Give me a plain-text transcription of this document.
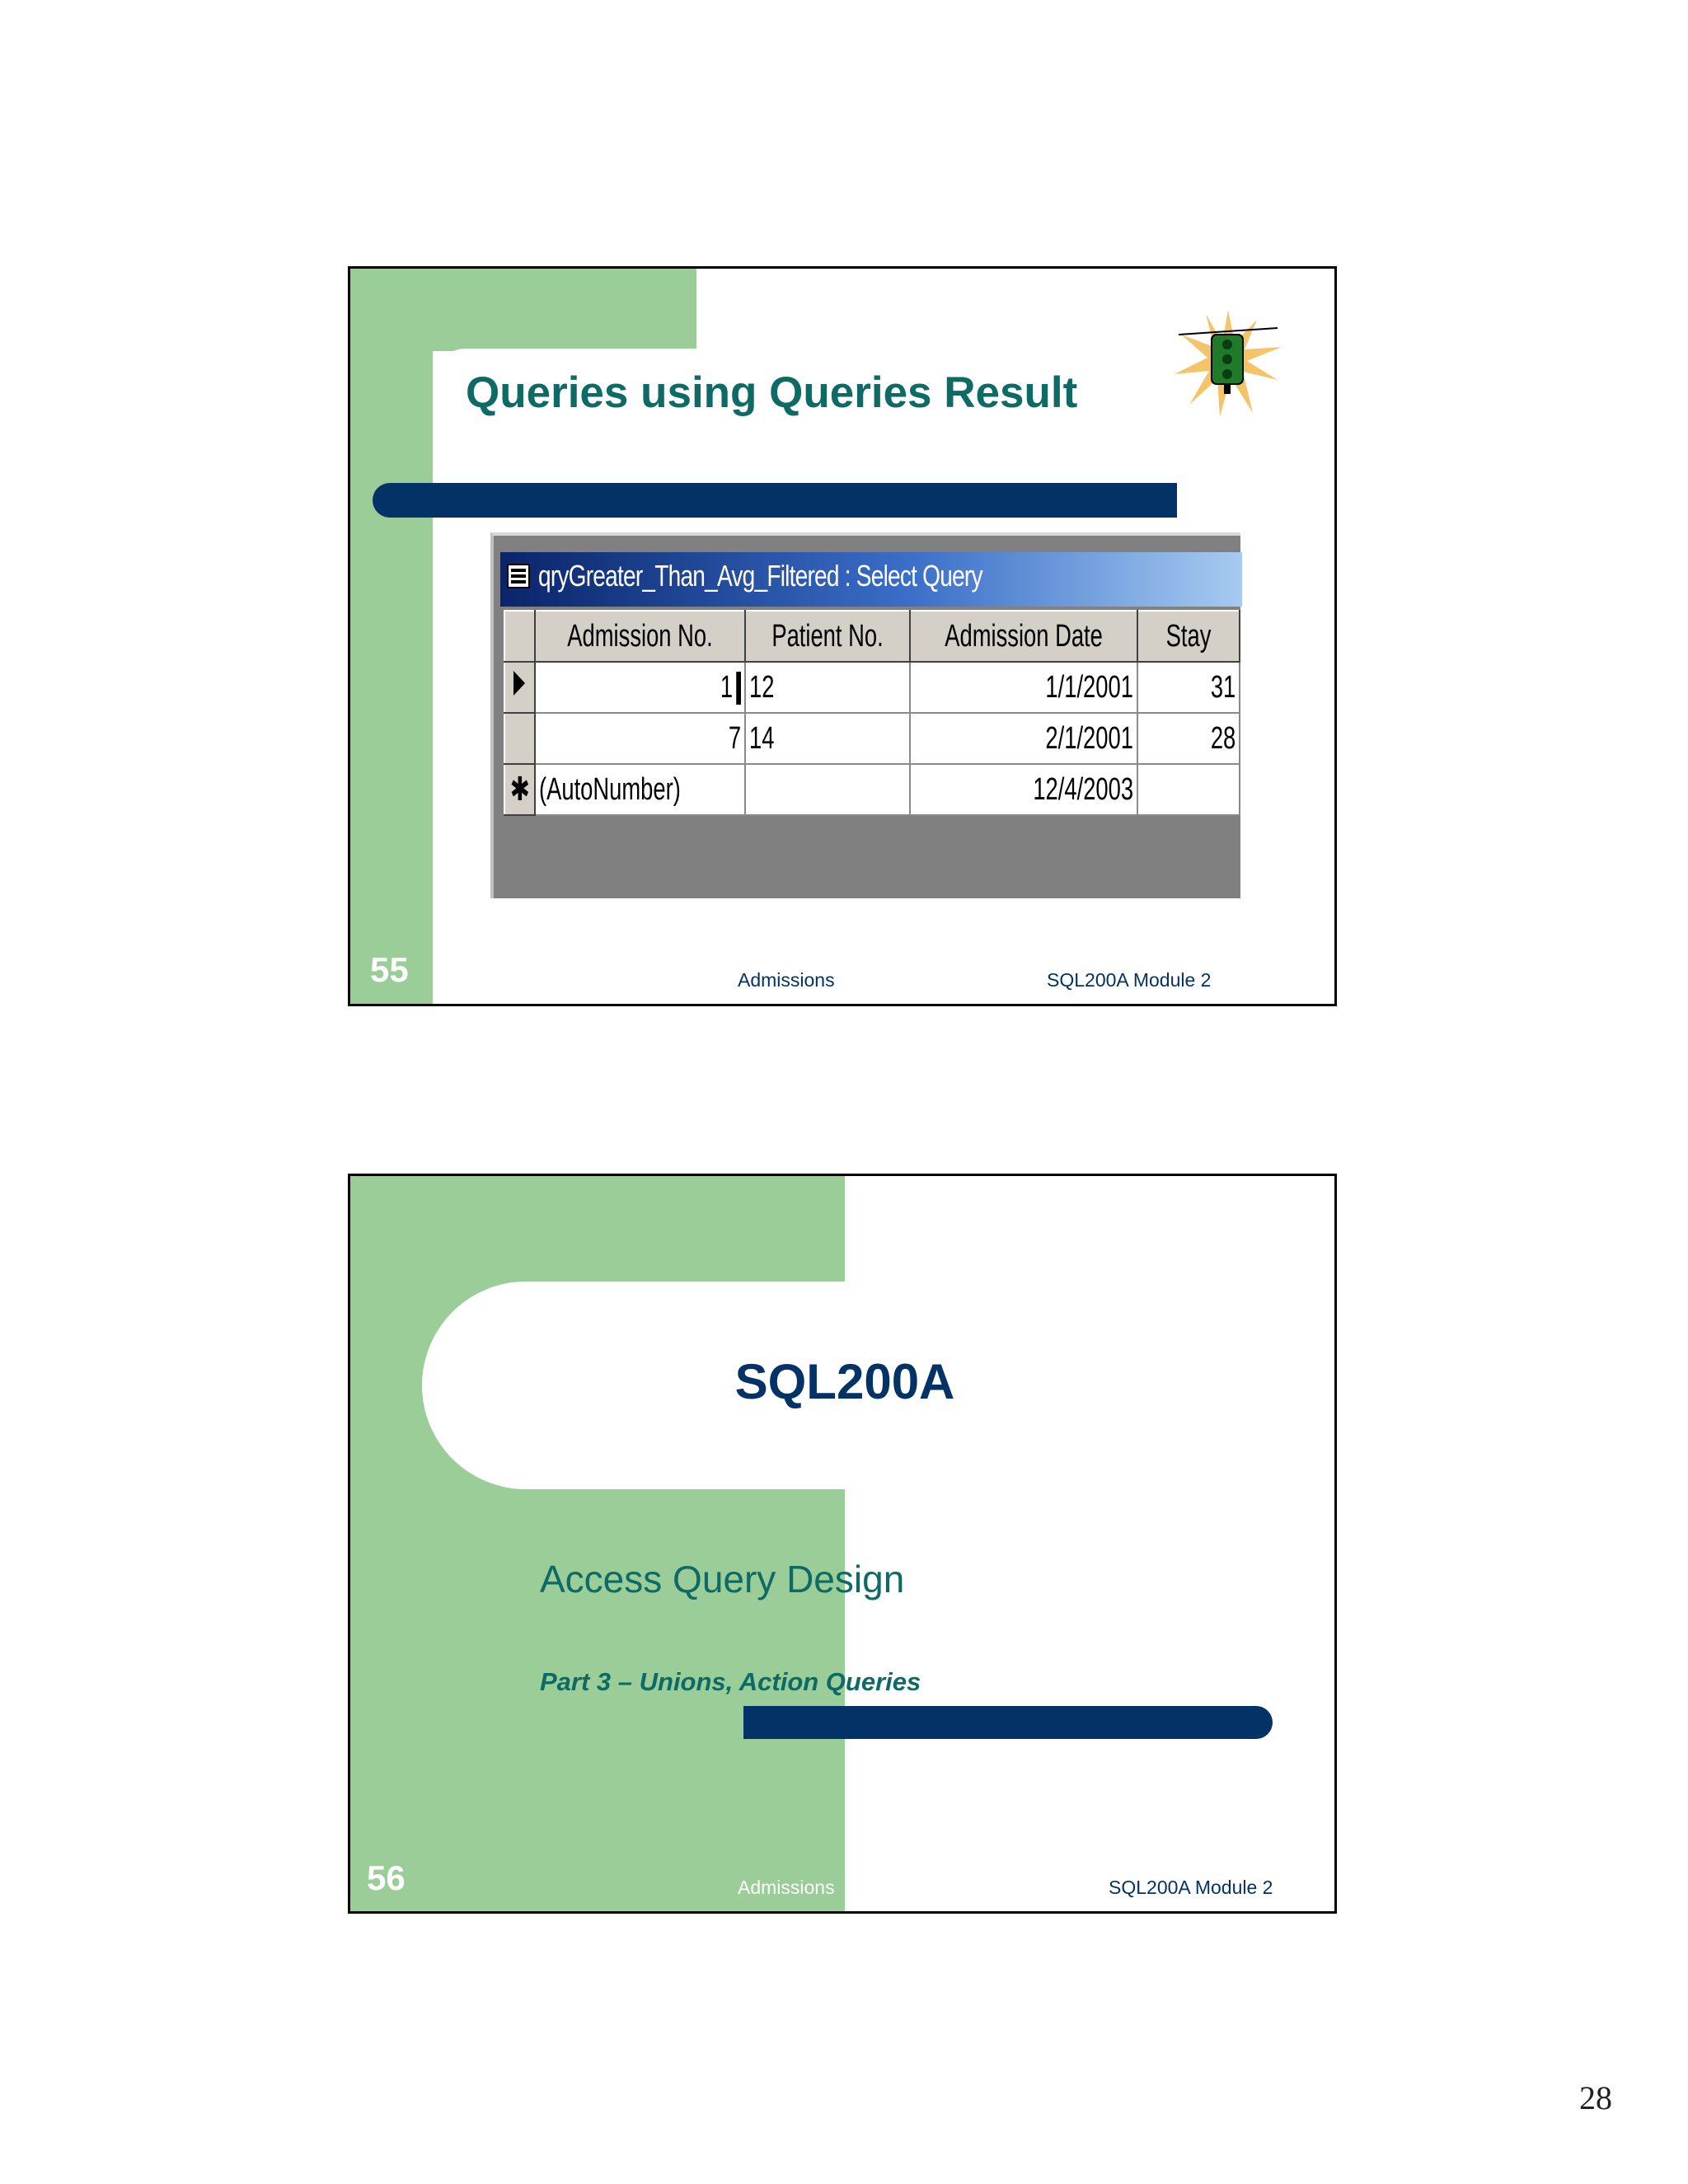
Queries using Queries Result
qryGreater_Than_Avg_Filtered : Select Query
	Admission No.	Patient No.	Admission Date	Stay
	1	12	1/1/2001	31
	7	14	2/1/2001	28
✱	(AutoNumber)		12/4/2003	
55	Admissions	SQL200A Module 2
SQL200A
Access Query Design
Part 3 – Unions, Action Queries
56	Admissions	SQL200A Module 2
28
